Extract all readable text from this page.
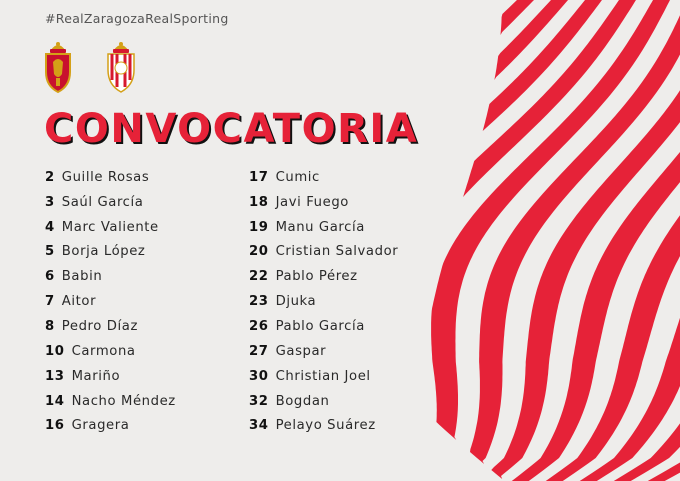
#RealZaragozaRealSporting
CONVOCATORIA
2 Guille Rosas
3 Saúl García
4 Marc Valiente
5 Borja López
6 Babin
7 Aitor
8 Pedro Díaz
10 Carmona
13 Mariño
14 Nacho Méndez
16 Gragera
17 Cumic
18 Javi Fuego
19 Manu García
20 Cristian Salvador
22 Pablo Pérez
23 Djuka
26 Pablo García
27 Gaspar
30 Christian Joel
32 Bogdan
34 Pelayo Suárez
